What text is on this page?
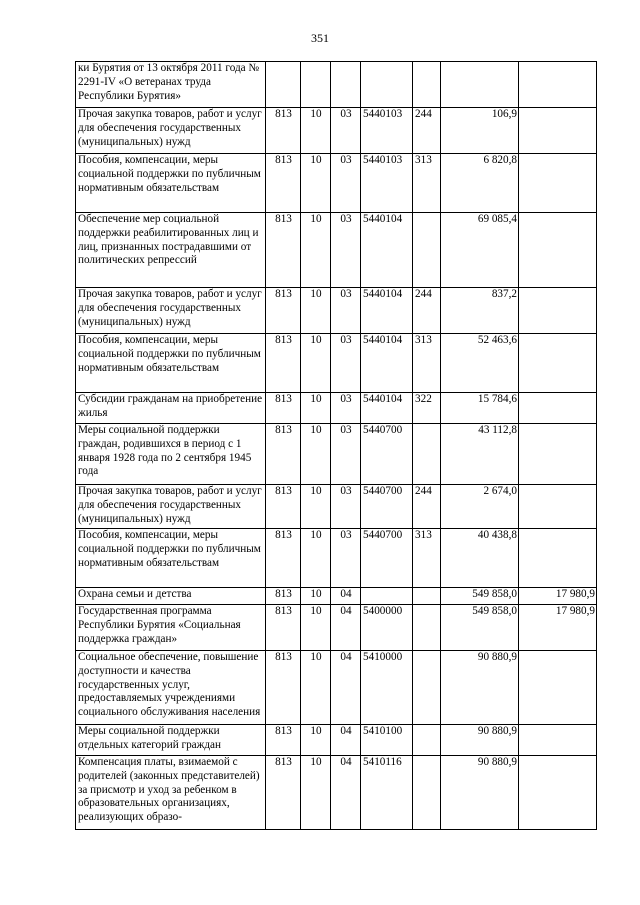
351
ки Бурятия от 13 октября 2011 года № 2291-IV «О ветеранах труда Республики Бурятия»							
Прочая закупка товаров, работ и услуг для обеспечения государственных (муниципальных) нужд	813	10	03	5440103	244	106,9	
Пособия, компенсации, меры социальной поддержки по публичным нормативным обязательствам	813	10	03	5440103	313	6 820,8	
Обеспечение мер социальной поддержки реабилитированных лиц и лиц, признанных пострадавшими от политических репрессий	813	10	03	5440104		69 085,4	
Прочая закупка товаров, работ и услуг для обеспечения государственных (муниципальных) нужд	813	10	03	5440104	244	837,2	
Пособия, компенсации, меры социальной поддержки по публичным нормативным обязательствам	813	10	03	5440104	313	52 463,6	
Субсидии гражданам на приобретение жилья	813	10	03	5440104	322	15 784,6	
Меры социальной поддержки граждан, родившихся в период с 1 января 1928 года по 2 сентября 1945 года	813	10	03	5440700		43 112,8	
Прочая закупка товаров, работ и услуг для обеспечения государственных (муниципальных) нужд	813	10	03	5440700	244	2 674,0	
Пособия, компенсации, меры социальной поддержки по публичным нормативным обязательствам	813	10	03	5440700	313	40 438,8	
Охрана семьи и детства	813	10	04			549 858,0	17 980,9
Государственная программа Республики Бурятия «Социальная поддержка граждан»	813	10	04	5400000		549 858,0	17 980,9
Социальное обеспечение, повышение доступности и качества государственных услуг, предоставляемых учреждениями социального обслуживания населения	813	10	04	5410000		90 880,9	
Меры социальной поддержки отдельных категорий граждан	813	10	04	5410100		90 880,9	
Компенсация платы, взимаемой с родителей (законных представителей) за присмотр и уход за ребенком в образовательных организациях, реализующих образо-	813	10	04	5410116		90 880,9	
